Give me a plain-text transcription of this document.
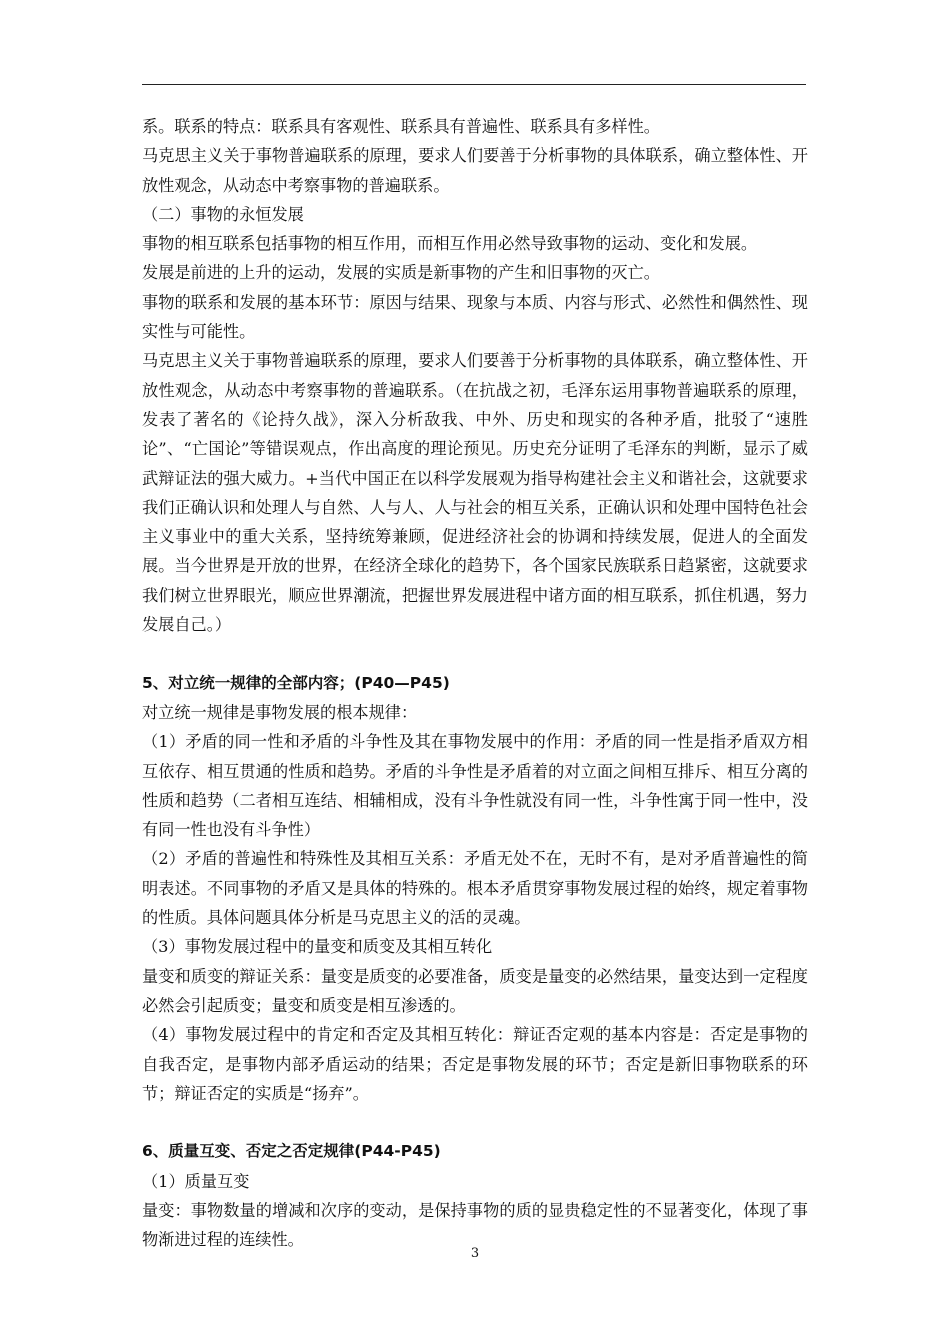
系。联系的特点：联系具有客观性、联系具有普遍性、联系具有多样性。

马克思主义关于事物普遍联系的原理，要求人们要善于分析事物的具体联系，确立整体性、开放性观念，从动态中考察事物的普遍联系。

（二）事物的永恒发展

事物的相互联系包括事物的相互作用，而相互作用必然导致事物的运动、变化和发展。

发展是前进的上升的运动，发展的实质是新事物的产生和旧事物的灭亡。

事物的联系和发展的基本环节：原因与结果、现象与本质、内容与形式、必然性和偶然性、现实性与可能性。

马克思主义关于事物普遍联系的原理，要求人们要善于分析事物的具体联系，确立整体性、开放性观念，从动态中考察事物的普遍联系。（在抗战之初，毛泽东运用事物普遍联系的原理，发表了著名的《论持久战》，深入分析敌我、中外、历史和现实的各种矛盾，批驳了“速胜论”、“亡国论”等错误观点，作出高度的理论预见。历史充分证明了毛泽东的判断，显示了威武辩证法的强大威力。+当代中国正在以科学发展观为指导构建社会主义和谐社会，这就要求我们正确认识和处理人与自然、人与人、人与社会的相互关系，正确认识和处理中国特色社会主义事业中的重大关系，坚持统筹兼顾，促进经济社会的协调和持续发展，促进人的全面发展。当今世界是开放的世界，在经济全球化的趋势下，各个国家民族联系日趋紧密，这就要求我们树立世界眼光，顺应世界潮流，把握世界发展进程中诸方面的相互联系，抓住机遇，努力发展自己。）

5、对立统一规律的全部内容；(P40—P45)

对立统一规律是事物发展的根本规律：

（1）矛盾的同一性和矛盾的斗争性及其在事物发展中的作用：矛盾的同一性是指矛盾双方相互依存、相互贯通的性质和趋势。矛盾的斗争性是矛盾着的对立面之间相互排斥、相互分离的性质和趋势（二者相互连结、相辅相成，没有斗争性就没有同一性，斗争性寓于同一性中，没有同一性也没有斗争性）

（2）矛盾的普遍性和特殊性及其相互关系：矛盾无处不在，无时不有，是对矛盾普遍性的简明表述。不同事物的矛盾又是具体的特殊的。根本矛盾贯穿事物发展过程的始终，规定着事物的性质。具体问题具体分析是马克思主义的活的灵魂。

（3）事物发展过程中的量变和质变及其相互转化

量变和质变的辩证关系：量变是质变的必要准备，质变是量变的必然结果，量变达到一定程度必然会引起质变；量变和质变是相互渗透的。

（4）事物发展过程中的肯定和否定及其相互转化：辩证否定观的基本内容是：否定是事物的自我否定，是事物内部矛盾运动的结果；否定是事物发展的环节；否定是新旧事物联系的环节；辩证否定的实质是“扬弃”。

6、质量互变、否定之否定规律(P44-P45)

（1）质量互变

量变：事物数量的增减和次序的变动，是保持事物的质的显贵稳定性的不显著变化，体现了事物渐进过程的连续性。

3
